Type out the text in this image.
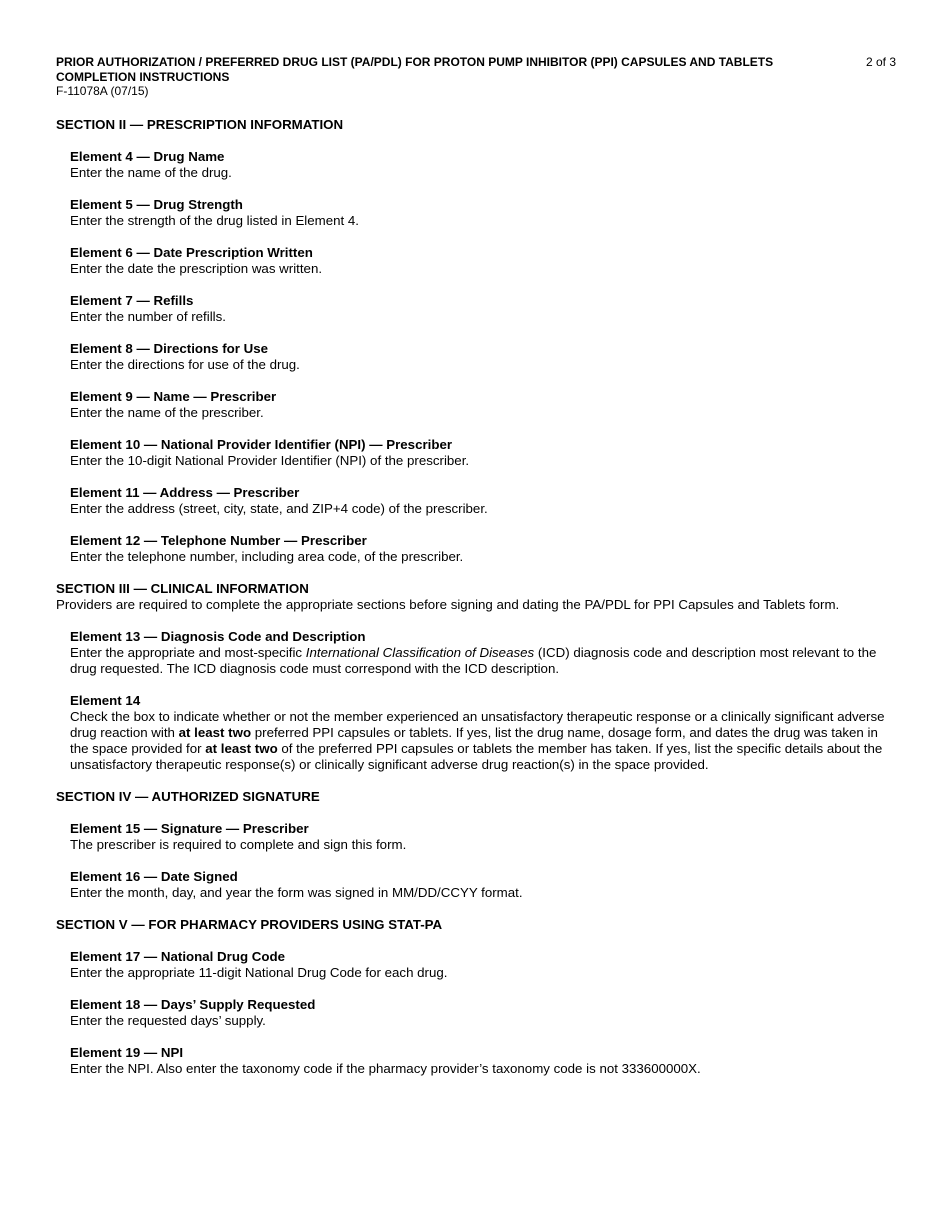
PRIOR AUTHORIZATION / PREFERRED DRUG LIST (PA/PDL) FOR PROTON PUMP INHIBITOR (PPI) CAPSULES AND TABLETS
COMPLETION INSTRUCTIONS
F-11078A (07/15)
2 of 3

SECTION II — PRESCRIPTION INFORMATION

Element 4 — Drug Name
Enter the name of the drug.
Element 5 — Drug Strength
Enter the strength of the drug listed in Element 4.
Element 6 — Date Prescription Written
Enter the date the prescription was written.
Element 7 — Refills
Enter the number of refills.
Element 8 — Directions for Use
Enter the directions for use of the drug.
Element 9 — Name — Prescriber
Enter the name of the prescriber.
Element 10 — National Provider Identifier (NPI) — Prescriber
Enter the 10-digit National Provider Identifier (NPI) of the prescriber.
Element 11 — Address — Prescriber
Enter the address (street, city, state, and ZIP+4 code) of the prescriber.
Element 12 — Telephone Number — Prescriber
Enter the telephone number, including area code, of the prescriber.

SECTION III — CLINICAL INFORMATION

Providers are required to complete the appropriate sections before signing and dating the PA/PDL for PPI Capsules and Tablets form.

Element 13 — Diagnosis Code and Description
Enter the appropriate and most-specific International Classification of Diseases (ICD) diagnosis code and description most relevant to the drug requested. The ICD diagnosis code must correspond with the ICD description.
Element 14
Check the box to indicate whether or not the member experienced an unsatisfactory therapeutic response or a clinically significant adverse drug reaction with at least two preferred PPI capsules or tablets. If yes, list the drug name, dosage form, and dates the drug was taken in the space provided for at least two of the preferred PPI capsules or tablets the member has taken. If yes, list the specific details about the unsatisfactory therapeutic response(s) or clinically significant adverse drug reaction(s) in the space provided.

SECTION IV — AUTHORIZED SIGNATURE

Element 15 — Signature — Prescriber
The prescriber is required to complete and sign this form.
Element 16 — Date Signed
Enter the month, day, and year the form was signed in MM/DD/CCYY format.

SECTION V — FOR PHARMACY PROVIDERS USING STAT-PA

Element 17 — National Drug Code
Enter the appropriate 11-digit National Drug Code for each drug.
Element 18 — Days’ Supply Requested
Enter the requested days’ supply.
Element 19 — NPI
Enter the NPI. Also enter the taxonomy code if the pharmacy provider’s taxonomy code is not 333600000X.
